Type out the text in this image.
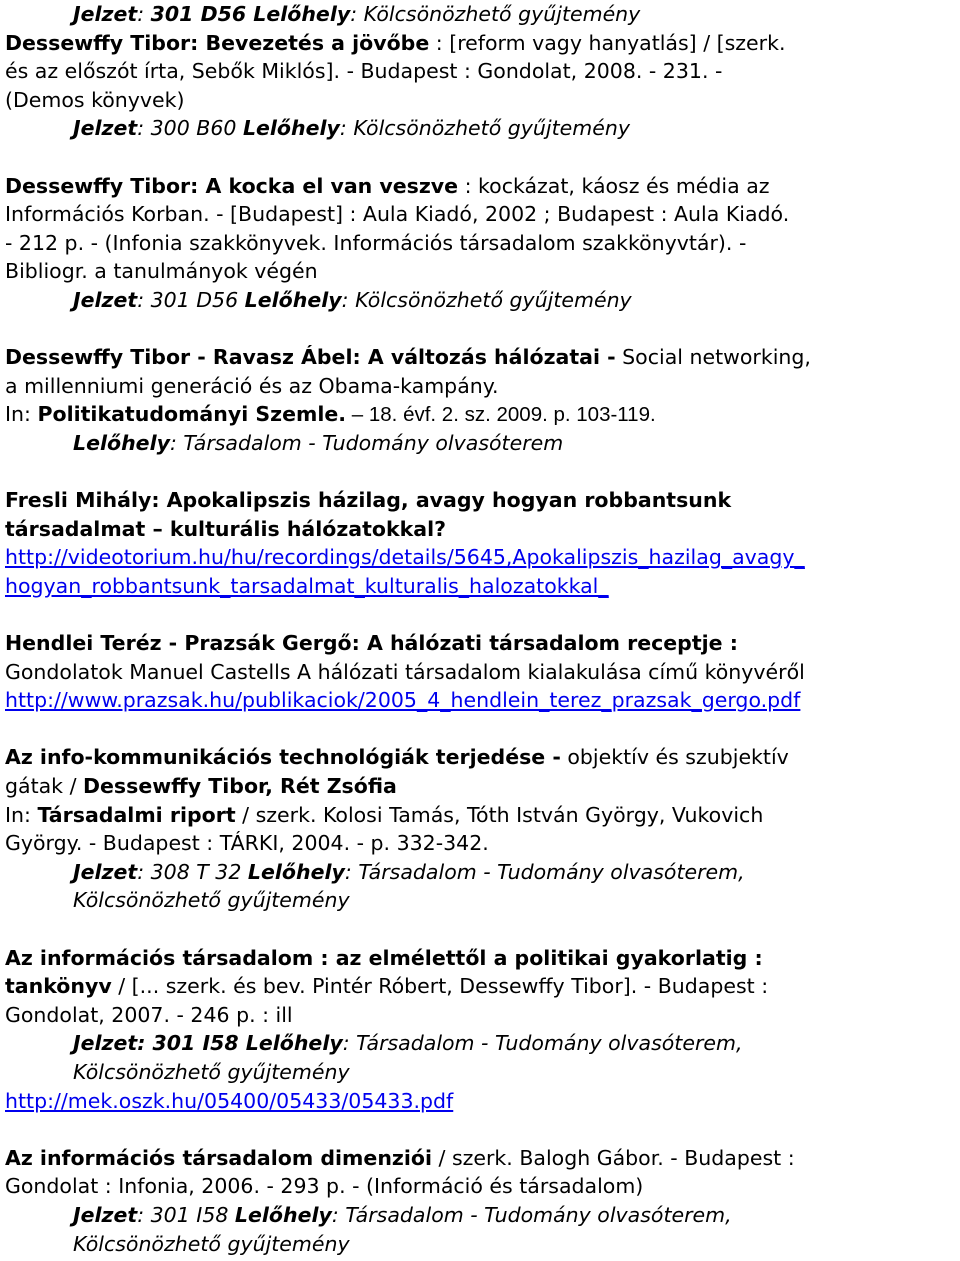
Jelzet: 301 D56 Lelőhely: Kölcsönözhető gyűjtemény
Dessewffy Tibor: Bevezetés a jövőbe : [reform vagy hanyatlás] / [szerk.
és az előszót írta, Sebők Miklós]. - Budapest : Gondolat, 2008. - 231. -
(Demos könyvek)
Jelzet: 300 B60 Lelőhely: Kölcsönözhető gyűjtemény
Dessewffy Tibor: A kocka el van veszve : kockázat, káosz és média az
Információs Korban. - [Budapest] : Aula Kiadó, 2002 ; Budapest : Aula Kiadó.
- 212 p. - (Infonia szakkönyvek. Információs társadalom szakkönyvtár). -
Bibliogr. a tanulmányok végén
Jelzet: 301 D56 Lelőhely: Kölcsönözhető gyűjtemény
Dessewffy Tibor - Ravasz Ábel: A változás hálózatai - Social networking,
a millenniumi generáció és az Obama-kampány.
In: Politikatudományi Szemle. – 18. évf. 2. sz. 2009. p. 103-119.
Lelőhely: Társadalom - Tudomány olvasóterem
Fresli Mihály: Apokalipszis házilag, avagy hogyan robbantsunk
társadalmat – kulturális hálózatokkal?
http://videotorium.hu/hu/recordings/details/5645,Apokalipszis_hazilag_avagy_
hogyan_robbantsunk_tarsadalmat_kulturalis_halozatokkal_
Hendlei Teréz - Prazsák Gergő: A hálózati társadalom receptje :
Gondolatok Manuel Castells A hálózati társadalom kialakulása című könyvéről
http://www.prazsak.hu/publikaciok/2005_4_hendlein_terez_prazsak_gergo.pdf
Az info-kommunikációs technológiák terjedése - objektív és szubjektív
gátak / Dessewffy Tibor, Rét Zsófia
In: Társadalmi riport / szerk. Kolosi Tamás, Tóth István György, Vukovich
György. - Budapest : TÁRKI, 2004. - p. 332-342.
Jelzet: 308 T 32 Lelőhely: Társadalom - Tudomány olvasóterem,
Kölcsönözhető gyűjtemény
Az információs társadalom : az elmélettől a politikai gyakorlatig :
tankönyv / [... szerk. és bev. Pintér Róbert, Dessewffy Tibor]. - Budapest :
Gondolat, 2007. - 246 p. : ill
Jelzet: 301 I58 Lelőhely: Társadalom - Tudomány olvasóterem,
Kölcsönözhető gyűjtemény
http://mek.oszk.hu/05400/05433/05433.pdf
Az információs társadalom dimenziói / szerk. Balogh Gábor. - Budapest :
Gondolat : Infonia, 2006. - 293 p. - (Információ és társadalom)
Jelzet: 301 I58 Lelőhely: Társadalom - Tudomány olvasóterem,
Kölcsönözhető gyűjtemény
